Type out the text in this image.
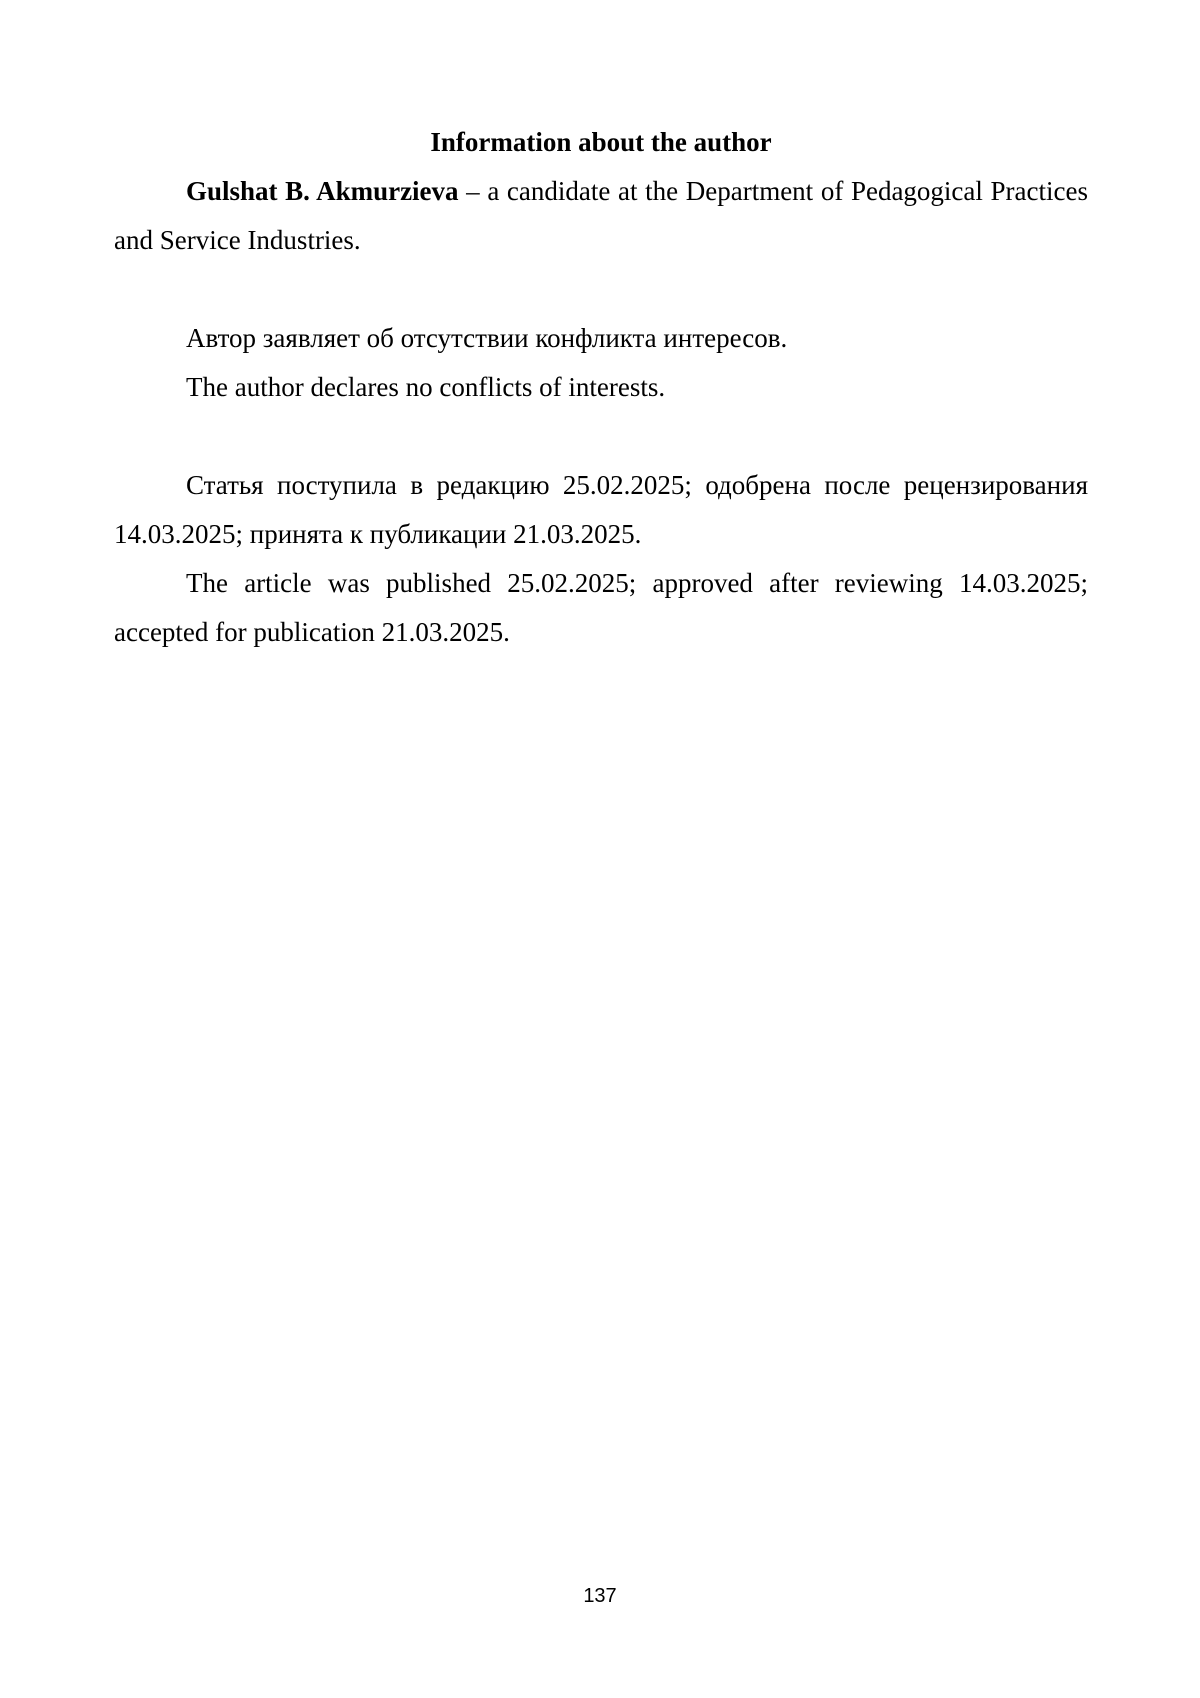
Information about the author

Gulshat B. Akmurzieva – a candidate at the Department of Pedagogical Practices and Service Industries.

Автор заявляет об отсутствии конфликта интересов.

The author declares no conflicts of interests.

Статья поступила в редакцию 25.02.2025; одобрена после рецензирования 14.03.2025; принята к публикации 21.03.2025.

The article was published 25.02.2025; approved after reviewing 14.03.2025; accepted for publication 21.03.2025.

137
